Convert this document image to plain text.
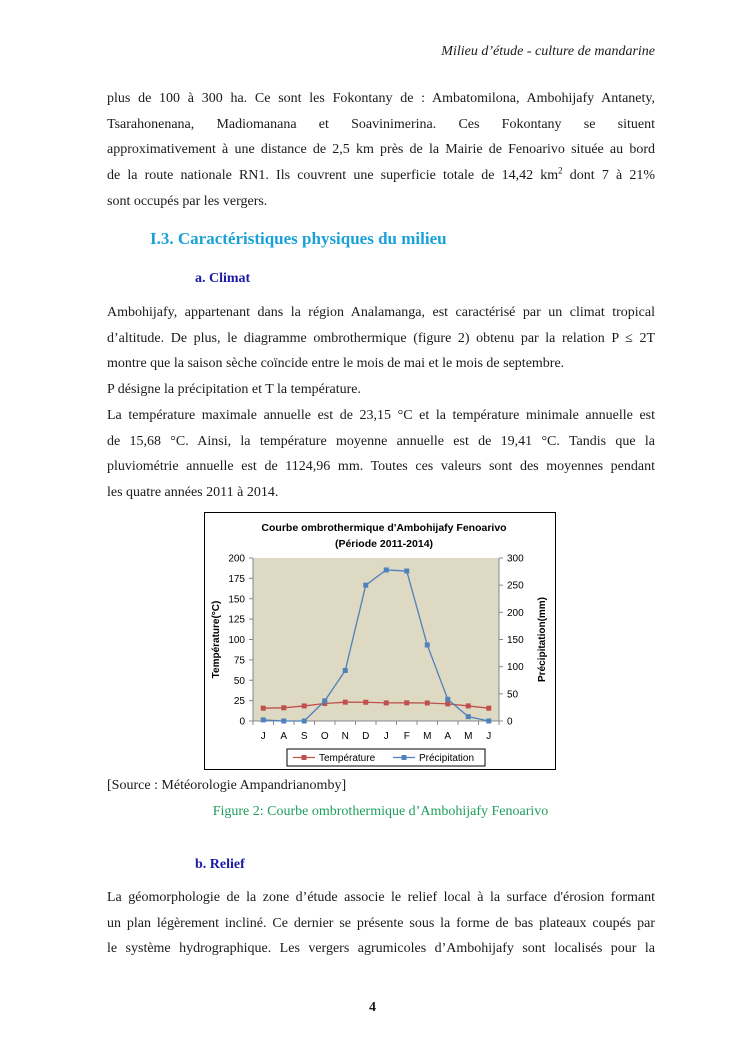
Milieu d’étude - culture de mandarine

plus de 100 à 300 ha. Ce sont les Fokontany de : Ambatomilona, Ambohijafy Antanety,
Tsarahonenana, Madiomanana et Soavinimerina. Ces Fokontany se situent
approximativement à une distance de 2,5 km près de la Mairie de Fenoarivo située au bord
de la route nationale RN1. Ils couvrent une superficie totale de 14,42 $km^2$ dont 7 à 21%
sont occupés par les vergers.

I.3. Caractéristiques physiques du milieu
a. Climat

Ambohijafy, appartenant dans la région Analamanga, est caractérisé par un climat tropical
d’altitude. De plus, le diagramme ombrothermique (figure 2) obtenu par la relation P ≤ 2T
montre que la saison sèche coïncide entre le mois de mai et le mois de septembre.
P désigne la précipitation et T la température.
La température maximale annuelle est de 23,15 °C et la température minimale annuelle est
de 15,68 °C. Ainsi, la température moyenne annuelle est de 19,41 °C. Tandis que la
pluviométrie annuelle est de 1124,96 mm. Toutes ces valeurs sont des moyennes pendant
les quatre années 2011 à 2014.

Courbe ombrothermique d'Ambohijafy Fenoarivo
(Période 2011-2014)
0
25
50
75
100
125
150
175
200
0
50
100
150
200
250
300
J A S O N D J F M A M J
Température(°C)	Précipitation(mm)
Température	Précipitation
[Source : Météorologie Ampandrianomby]
Figure 2: Courbe ombrothermique d’Ambohijafy Fenoarivo
b. Relief

La géomorphologie de la zone d’étude associe le relief local à la surface d'érosion formant
un plan légèrement incliné. Ce dernier se présente sous la forme de bas plateaux coupés par
le système hydrographique. Les vergers agrumicoles d’Ambohijafy sont localisés pour la

4
